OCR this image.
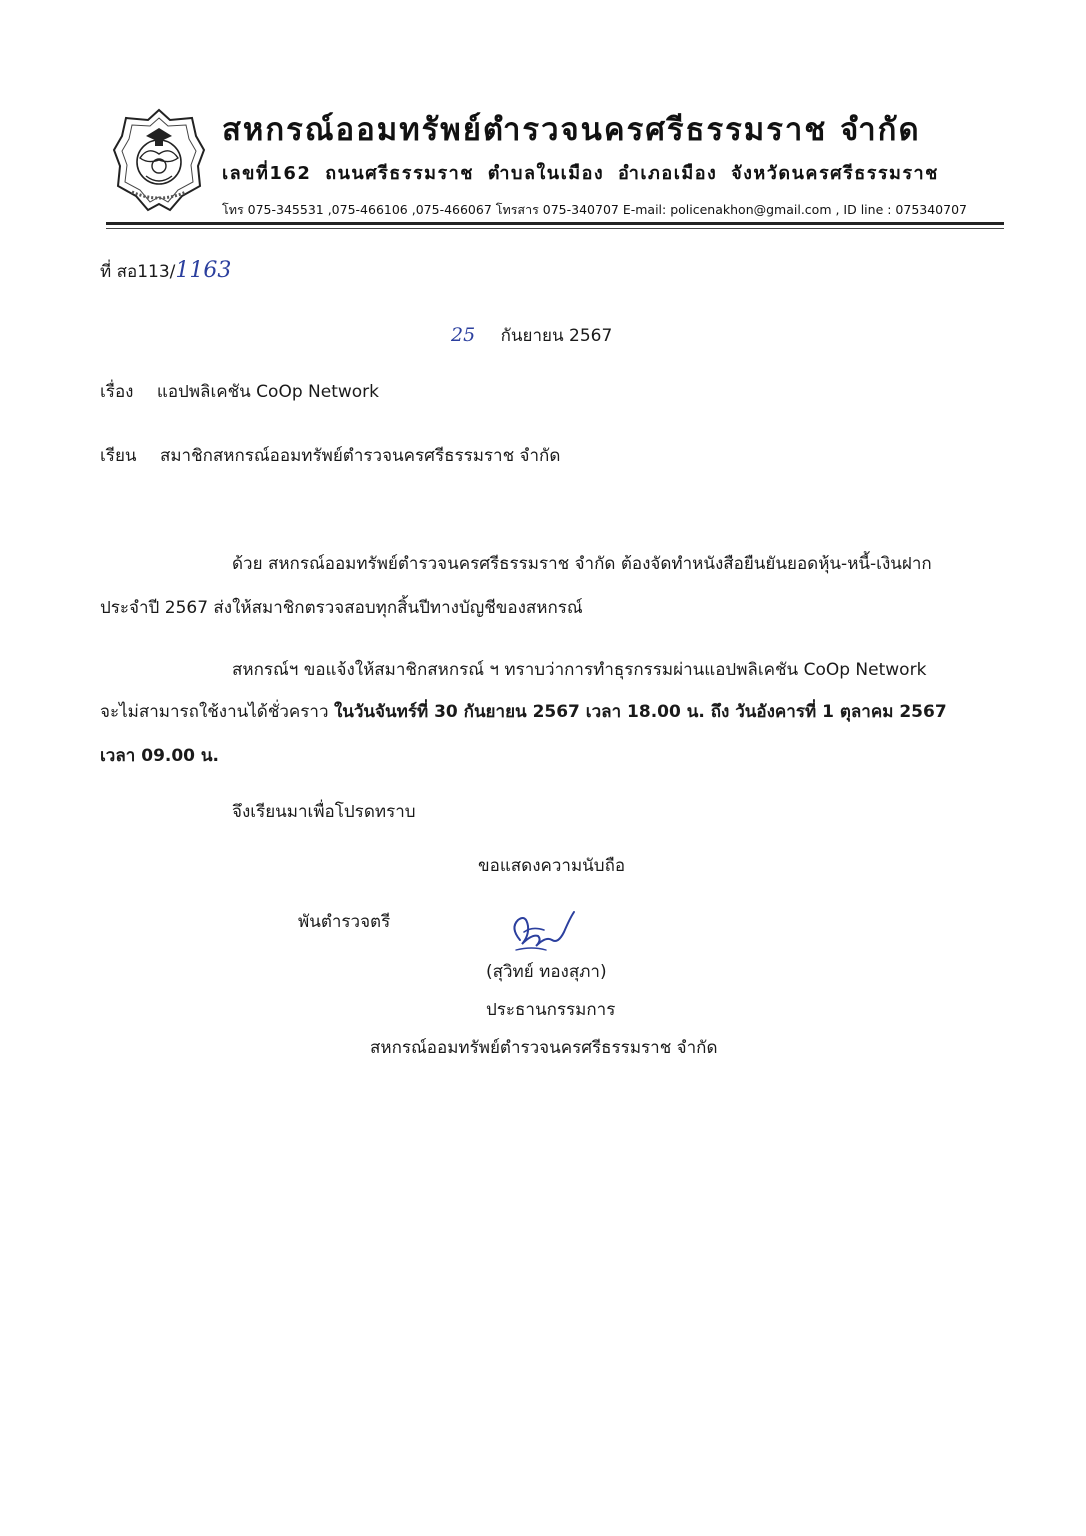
สหกรณ์ออมทรัพย์ตำรวจนครศรีธรรมราช จำกัด
เลขที่162 ถนนศรีธรรมราช ตำบลในเมือง อำเภอเมือง จังหวัดนครศรีธรรมราช
โทร 075-345531 ,075-466106 ,075-466067 โทรสาร 075-340707 E-mail: policenakhon@gmail.com , ID line : 075340707
ที่ สอ113/1163
25 กันยายน 2567
เรื่อง แอปพลิเคชัน CoOp Network
เรียน สมาชิกสหกรณ์ออมทรัพย์ตำรวจนครศรีธรรมราช จำกัด
ด้วย สหกรณ์ออมทรัพย์ตำรวจนครศรีธรรมราช จำกัด ต้องจัดทำหนังสือยืนยันยอดหุ้น-หนี้-เงินฝาก
ประจำปี 2567 ส่งให้สมาชิกตรวจสอบทุกสิ้นปีทางบัญชีของสหกรณ์
สหกรณ์ฯ ขอแจ้งให้สมาชิกสหกรณ์ ฯ ทราบว่าการทำธุรกรรมผ่านแอปพลิเคชัน CoOp Network
จะไม่สามารถใช้งานได้ชั่วคราว ในวันจันทร์ที่ 30 กันยายน 2567 เวลา 18.00 น. ถึง วันอังคารที่ 1 ตุลาคม 2567
เวลา 09.00 น.
จึงเรียนมาเพื่อโปรดทราบ
ขอแสดงความนับถือ
พันตำรวจตรี
(สุวิทย์ ทองสุภา)
ประธานกรรมการ
สหกรณ์ออมทรัพย์ตำรวจนครศรีธรรมราช จำกัด
